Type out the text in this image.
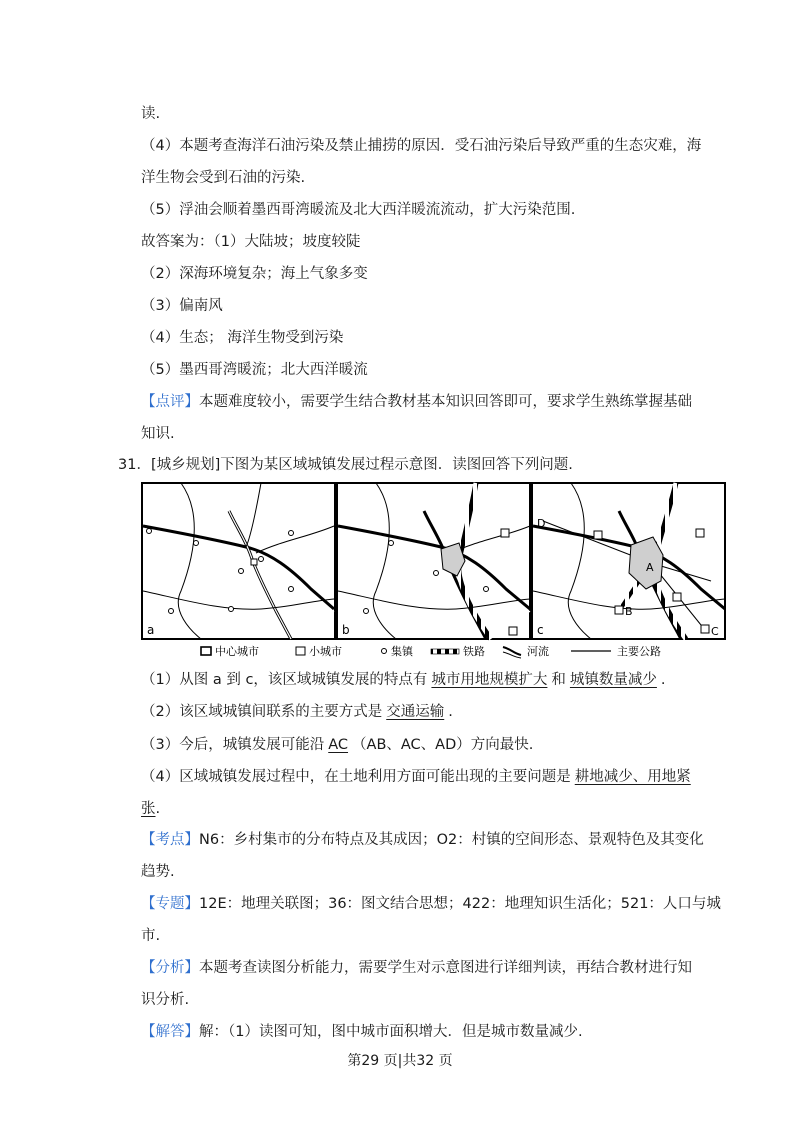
读.
（4）本题考查海洋石油污染及禁止捕捞的原因．受石油污染后导致严重的生态灾难，海
洋生物会受到石油的污染.
（5）浮油会顺着墨西哥湾暖流及北大西洋暖流流动，扩大污染范围.
故答案为：（1）大陆坡；坡度较陡
（2）深海环境复杂；海上气象多变
（3）偏南风
（4）生态； 海洋生物受到污染
（5）墨西哥湾暖流；北大西洋暖流
【点评】本题难度较小，需要学生结合教材基本知识回答即可，要求学生熟练掌握基础
知识.
31．[城乡规划]下图为某区域城镇发展过程示意图．读图回答下列问题.
a	b
D
A
B
C
c
中心城市	小城市	集镇	铁路	河流	主要公路
（1）从图 a 到 c，该区域城镇发展的特点有 城市用地规模扩大 和 城镇数量减少 .
（2）该区域城镇间联系的主要方式是 交通运输 .
（3）今后，城镇发展可能沿 AC （AB、AC、AD）方向最快.
（4）区域城镇发展过程中，在土地利用方面可能出现的主要问题是 耕地减少、用地紧
张.
【考点】N6：乡村集市的分布特点及其成因；O2：村镇的空间形态、景观特色及其变化
趋势.
【专题】12E：地理关联图；36：图文结合思想；422：地理知识生活化；521：人口与城
市.
【分析】本题考查读图分析能力，需要学生对示意图进行详细判读，再结合教材进行知
识分析.
【解答】解：（1）读图可知，图中城市面积增大．但是城市数量减少.
第29 页|共32 页
